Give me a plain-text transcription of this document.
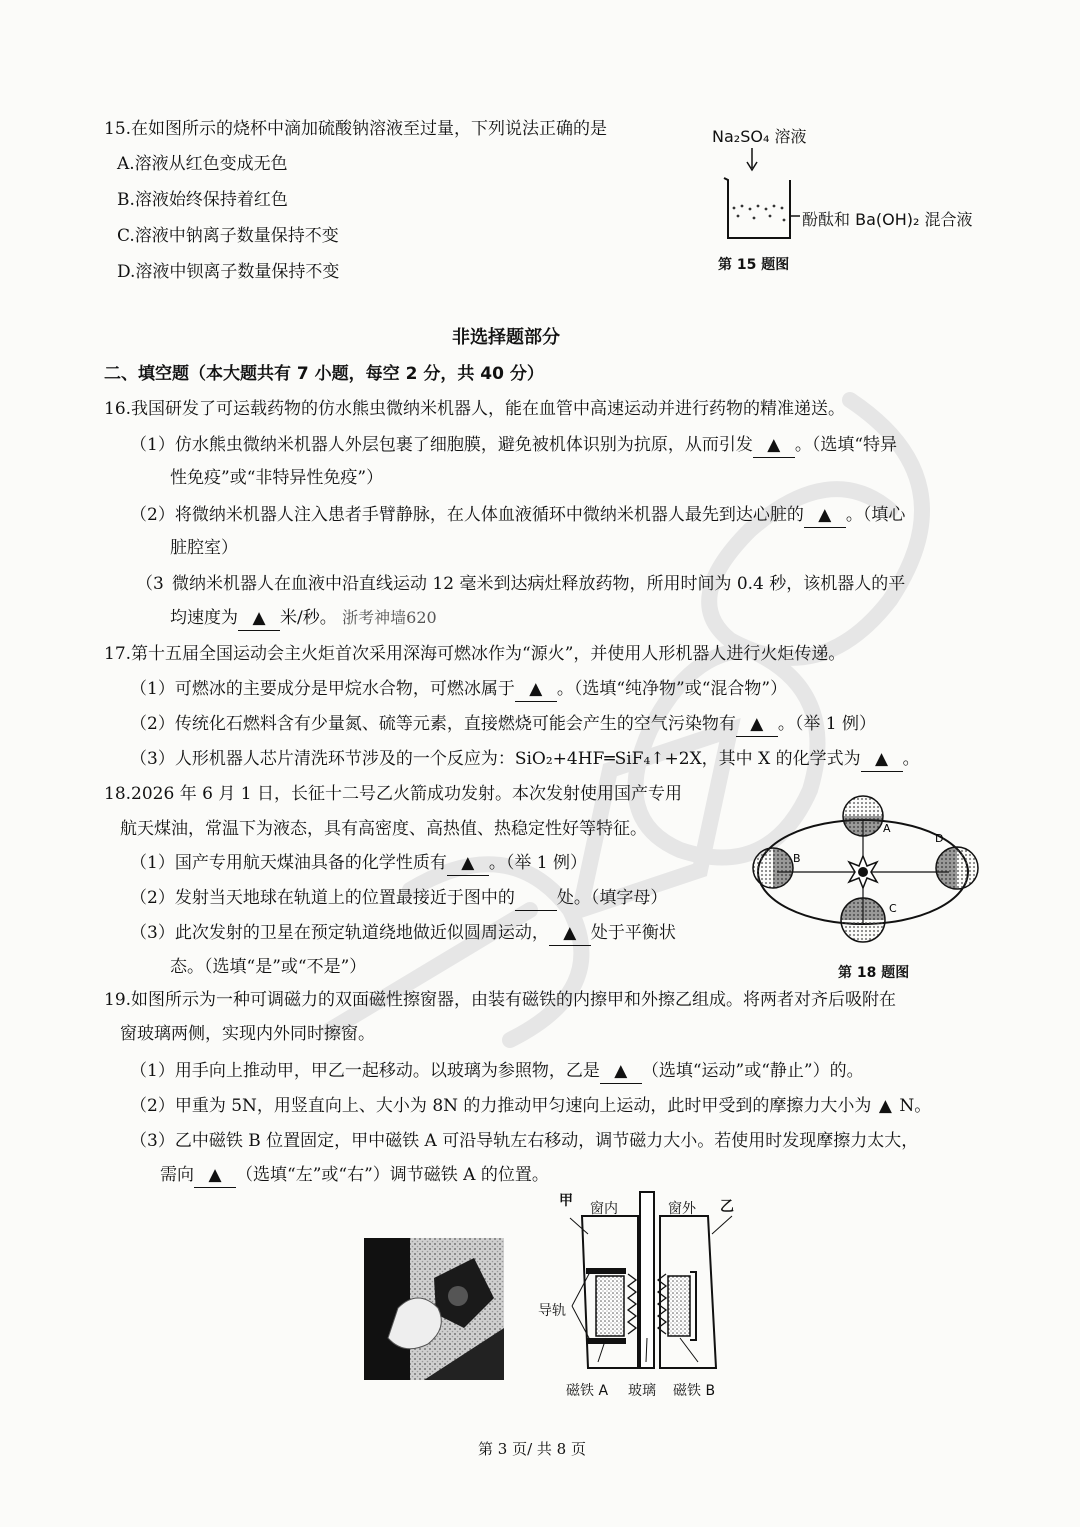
15.在如图所示的烧杯中滴加硫酸钠溶液至过量，下列说法正确的是
A.溶液从红色变成无色
B.溶液始终保持着红色
C.溶液中钠离子数量保持不变
D.溶液中钡离子数量保持不变
Na₂SO₄ 溶液
酚酞和 Ba(OH)₂ 混合液
第 15 题图
非选择题部分
二、填空题（本大题共有 7 小题，每空 2 分，共 40 分）
16.我国研发了可运载药物的仿水熊虫微纳米机器人，能在血管中高速运动并进行药物的精准递送。
（1）仿水熊虫微纳米机器人外层包裹了细胞膜，避免被机体识别为抗原，从而引发 ▲ 。（选填“特异
性免疫”或“非特异性免疫”）
（2）将微纳米机器人注入患者手臂静脉，在人体血液循环中微纳米机器人最先到达心脏的 ▲ 。（填心
脏腔室）
（3 微纳米机器人在血液中沿直线运动 12 毫米到达病灶释放药物，所用时间为 0.4 秒，该机器人的平
均速度为 ▲ 米/秒。 浙考神墙620
17.第十五届全国运动会主火炬首次采用深海可燃冰作为“源火”，并使用人形机器人进行火炬传递。
（1）可燃冰的主要成分是甲烷水合物，可燃冰属于 ▲ 。（选填“纯净物”或“混合物”）
（2）传统化石燃料含有少量氮、硫等元素，直接燃烧可能会产生的空气污染物有 ▲ 。（举 1 例）
（3）人形机器人芯片清洗环节涉及的一个反应为：SiO₂+4HF═SiF₄↑+2X，其中 X 的化学式为 ▲ 。
18.2026 年 6 月 1 日，长征十二号乙火箭成功发射。本次发射使用国产专用
航天煤油，常温下为液态，具有高密度、高热值、热稳定性好等特征。
（1）国产专用航天煤油具备的化学性质有 ▲ 。（举 1 例）
（2）发射当天地球在轨道上的位置最接近于图中的 处。（填字母）
（3）此次发射的卫星在预定轨道绕地做近似圆周运动， ▲ 处于平衡状
态。（选填“是”或“不是”）
A
B
C
D
第 18 题图
19.如图所示为一种可调磁力的双面磁性擦窗器，由装有磁铁的内擦甲和外擦乙组成。将两者对齐后吸附在
窗玻璃两侧，实现内外同时擦窗。
（1）用手向上推动甲，甲乙一起移动。以玻璃为参照物，乙是 ▲ （选填“运动”或“静止”）的。
（2）甲重为 5N，用竖直向上、大小为 8N 的力推动甲匀速向上运动，此时甲受到的摩擦力大小为 ▲ N。
（3）乙中磁铁 B 位置固定，甲中磁铁 A 可沿导轨左右移动，调节磁力大小。若使用时发现摩擦力太大，
需向 ▲ （选填“左”或“右”）调节磁铁 A 的位置。
甲 窗内	窗外 乙
导轨
磁铁 A 玻璃 磁铁 B
第 3 页/ 共 8 页
